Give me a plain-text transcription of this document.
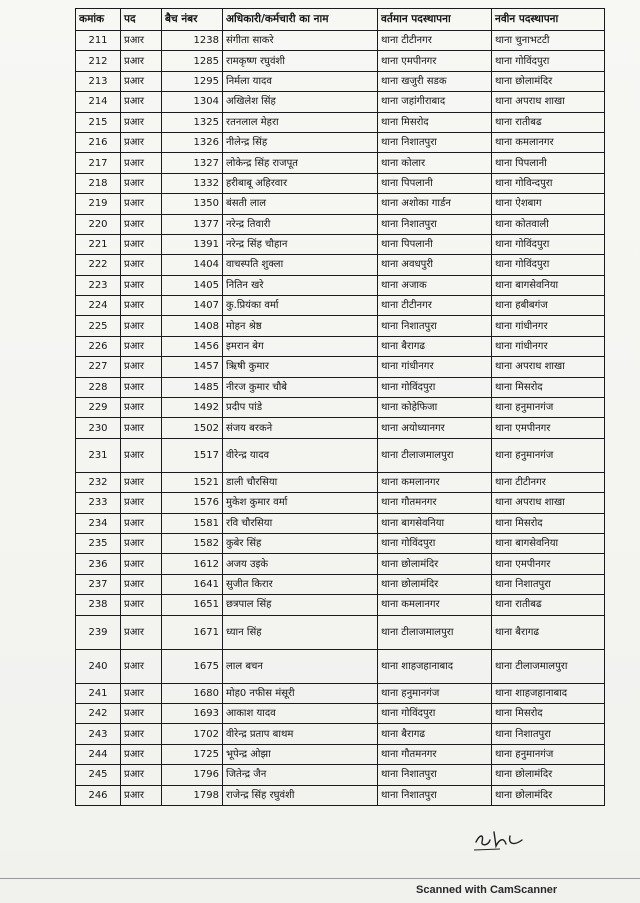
कमांक	पद	बैच नंबर	अधिकारी/कर्मचारी का नाम	वर्तमान पदस्थापना	नवीन पदस्थापना
211	प्रआर	1238	संगीता साकरे	थाना टीटीनगर	थाना चुनाभटटी
212	प्रआर	1285	रामकृष्ण रघुवंशी	थाना एमपीनगर	थाना गोविंदपुरा
213	प्रआर	1295	निर्मला यादव	थाना खजुरी सडक	थाना छोलामंदिर
214	प्रआर	1304	अखिलेश सिंह	थाना जहांगीराबाद	थाना अपराध शाखा
215	प्रआर	1325	रतनलाल मेहरा	थाना मिसरोद	थाना रातीबढ
216	प्रआर	1326	नीलेन्द्र सिंह	थाना निशातपुरा	थाना कमलानगर
217	प्रआर	1327	लोकेन्द्र सिंह राजपूत	थाना कोलार	थाना पिपलानी
218	प्रआर	1332	हरीबाबू अहिरवार	थाना पिपलानी	थाना गोविन्दपुरा
219	प्रआर	1350	बंसती लाल	थाना अशोका गार्डन	थाना ऐशबाग
220	प्रआर	1377	नरेन्द्र तिवारी	थाना निशातपुरा	थाना कोतवाली
221	प्रआर	1391	नरेन्द्र सिंह चौहान	थाना पिपलानी	थाना गोविंदपुरा
222	प्रआर	1404	वाचस्पति शुक्ला	थाना अवधपुरी	थाना गोविंदपुरा
223	प्रआर	1405	नितिन खरे	थाना अजाक	थाना बागसेवनिया
224	प्रआर	1407	कु.प्रियंका वर्मा	थाना टीटीनगर	थाना हबीबगंज
225	प्रआर	1408	मोहन श्रेष्ठ	थाना निशातपुरा	थाना गांधीनगर
226	प्रआर	1456	इमरान बेग	थाना बैरागढ	थाना गांधीनगर
227	प्रआर	1457	ऋिषी कुमार	थाना गांधीनगर	थाना अपराध शाखा
228	प्रआर	1485	नीरज कुमार चौबे	थाना गोविंदपुरा	थाना मिसरोद
229	प्रआर	1492	प्रदीप पांडे	थाना कोहेफिजा	थाना हनुमानगंज
230	प्रआर	1502	संजय बरकने	थाना अयोध्यानगर	थाना एमपीनगर
231	प्रआर	1517	वीरेन्द्र यादव	थाना टीलाजमालपुरा	थाना हनुमानगंज
232	प्रआर	1521	डाली चौरसिया	थाना कमलानगर	थाना टीटीनगर
233	प्रआर	1576	मुकेश कुमार वर्मा	थाना गौतमनगर	थाना अपराध शाखा
234	प्रआर	1581	रवि चौरसिया	थाना बागसेवनिया	थाना मिसरोद
235	प्रआर	1582	कुबेर सिंह	थाना गोविंदपुरा	थाना बागसेवनिया
236	प्रआर	1612	अजय उइके	थाना छोलामंदिर	थाना एमपीनगर
237	प्रआर	1641	सुजीत किरार	थाना छोलामंदिर	थाना निशातपुरा
238	प्रआर	1651	छत्रपाल सिंह	थाना कमलानगर	थाना रातीबढ
239	प्रआर	1671	ध्यान सिंह	थाना टीलाजमालपुरा	थाना बैरागढ
240	प्रआर	1675	लाल बचन	थाना शाहजहानाबाद	थाना टीलाजमालपुरा
241	प्रआर	1680	मोह0 नफीस मंसूरी	थाना हनुमानगंज	थाना शाहजहानाबाद
242	प्रआर	1693	आकाश यादव	थाना गोविंदपुरा	थाना मिसरोद
243	प्रआर	1702	वीरेन्द्र प्रताप बाथम	थाना बैरागढ	थाना निशातपुरा
244	प्रआर	1725	भूपेन्द्र ओझा	थाना गौतमनगर	थाना हनुमानगंज
245	प्रआर	1796	जितेन्द्र जैन	थाना निशातपुरा	थाना छोलामंदिर
246	प्रआर	1798	राजेन्द्र सिंह रघुवंशी	थाना निशातपुरा	थाना छोलामंदिर
Scanned with CamScanner
